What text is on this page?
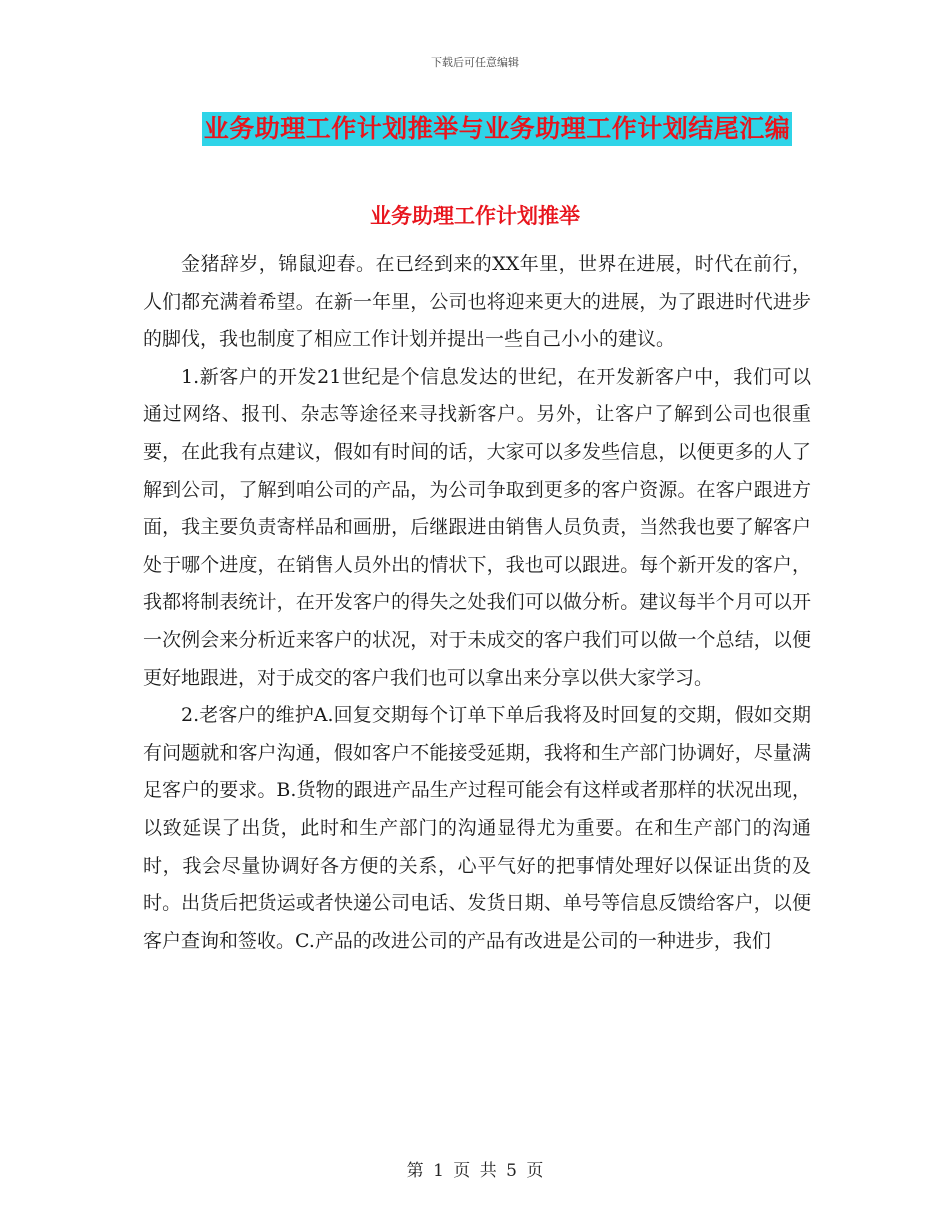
下载后可任意编辑
业务助理工作计划推举与业务助理工作计划结尾汇编
业务助理工作计划推举

金猪辞岁，锦鼠迎春。在已经到来的XX年里，世界在进展，时代在前行，人们都充满着希望。在新一年里，公司也将迎来更大的进展，为了跟进时代进步的脚伐，我也制度了相应工作计划并提出一些自己小小的建议。

1.新客户的开发21世纪是个信息发达的世纪，在开发新客户中，我们可以通过网络、报刊、杂志等途径来寻找新客户。另外，让客户了解到公司也很重要，在此我有点建议，假如有时间的话，大家可以多发些信息，以便更多的人了解到公司，了解到咱公司的产品，为公司争取到更多的客户资源。在客户跟进方面，我主要负责寄样品和画册，后继跟进由销售人员负责，当然我也要了解客户处于哪个进度，在销售人员外出的情状下，我也可以跟进。每个新开发的客户，我都将制表统计，在开发客户的得失之处我们可以做分析。建议每半个月可以开一次例会来分析近来客户的状况，对于未成交的客户我们可以做一个总结，以便更好地跟进，对于成交的客户我们也可以拿出来分享以供大家学习。

2.老客户的维护A.回复交期每个订单下单后我将及时回复的交期，假如交期有问题就和客户沟通，假如客户不能接受延期，我将和生产部门协调好，尽量满足客户的要求。B.货物的跟进产品生产过程可能会有这样或者那样的状况出现，以致延误了出货，此时和生产部门的沟通显得尤为重要。在和生产部门的沟通时，我会尽量协调好各方便的关系，心平气好的把事情处理好以保证出货的及时。出货后把货运或者快递公司电话、发货日期、单号等信息反馈给客户，以便客户查询和签收。C.产品的改进公司的产品有改进是公司的一种进步，我们

第 1 页 共 5 页
